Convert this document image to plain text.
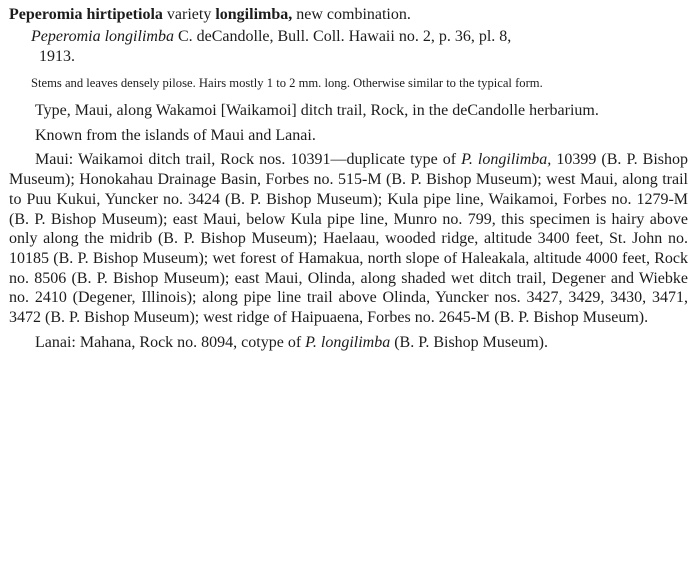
Peperomia hirtipetiola variety longilimba, new combination.

Peperomia longilimba C. deCandolle, Bull. Coll. Hawaii no. 2, p. 36, pl. 8,
1913.

Stems and leaves densely pilose. Hairs mostly 1 to 2 mm. long. Otherwise similar to the typical form.

Type, Maui, along Wakamoi [Waikamoi] ditch trail, Rock, in the deCandolle herbarium.

Known from the islands of Maui and Lanai.

Maui: Waikamoi ditch trail, Rock nos. 10391—duplicate type of P. longilimba, 10399 (B. P. Bishop Museum); Honokahau Drainage Basin, Forbes no. 515-M (B. P. Bishop Museum); west Maui, along trail to Puu Kukui, Yuncker no. 3424 (B. P. Bishop Museum); Kula pipe line, Waikamoi, Forbes no. 1279-M (B. P. Bishop Museum); east Maui, below Kula pipe line, Munro no. 799, this specimen is hairy above only along the midrib (B. P. Bishop Museum); Haelaau, wooded ridge, altitude 3400 feet, St. John no. 10185 (B. P. Bishop Museum); wet forest of Hamakua, north slope of Haleakala, altitude 4000 feet, Rock no. 8506 (B. P. Bishop Museum); east Maui, Olinda, along shaded wet ditch trail, Degener and Wiebke no. 2410 (Degener, Illinois); along pipe line trail above Olinda, Yuncker nos. 3427, 3429, 3430, 3471, 3472 (B. P. Bishop Museum); west ridge of Haipuaena, Forbes no. 2645-M (B. P. Bishop Museum).

Lanai: Mahana, Rock no. 8094, cotype of P. longilimba (B. P. Bishop Museum).
